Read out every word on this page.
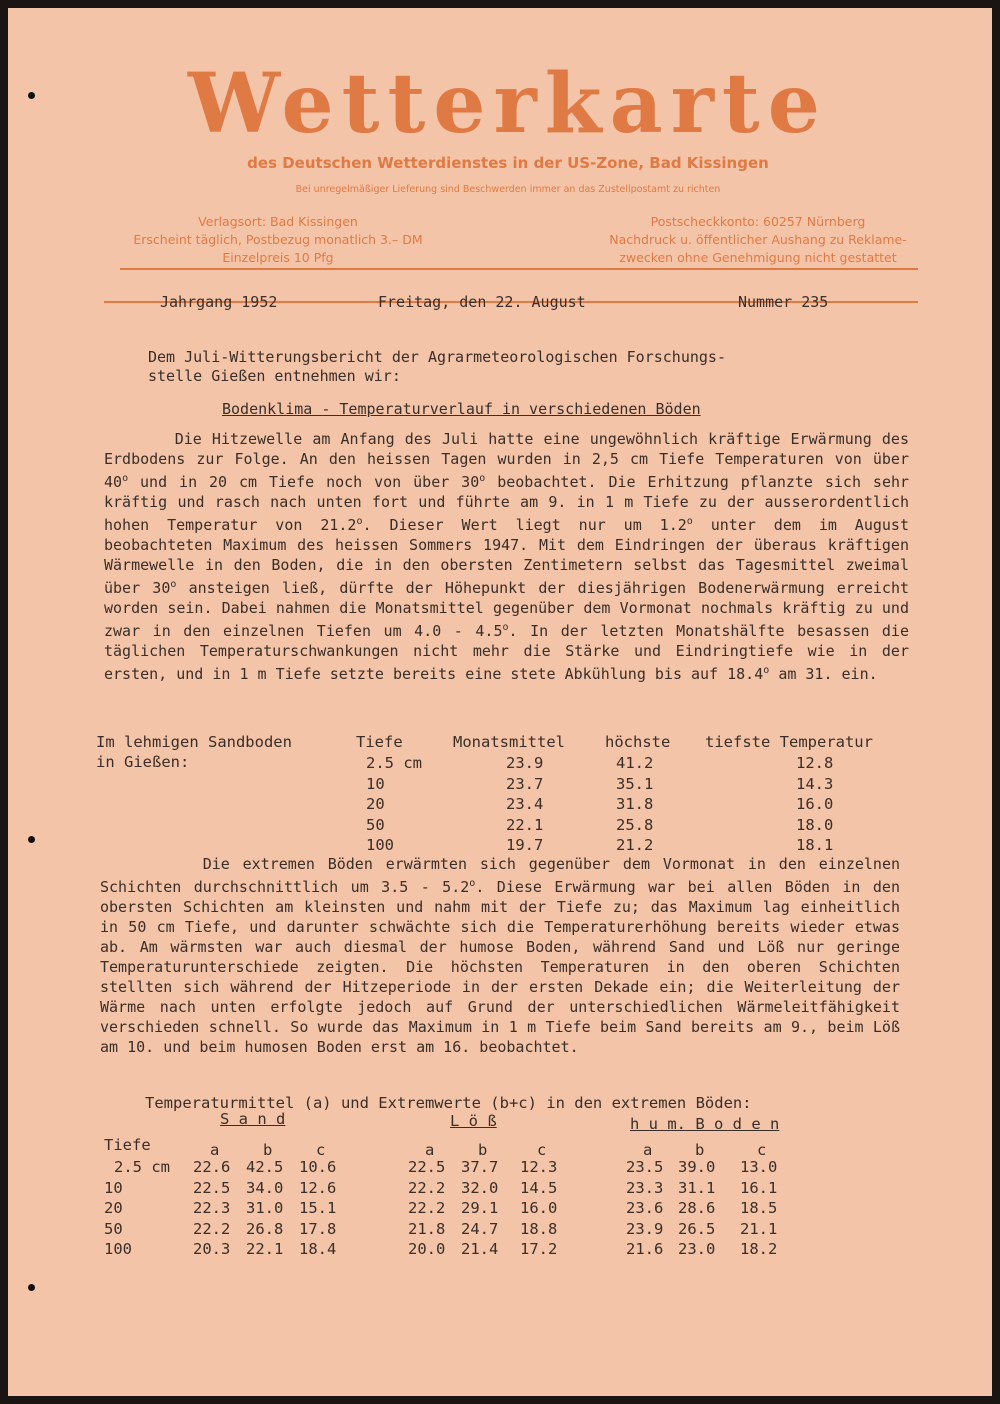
Wetterkarte
des Deutschen Wetterdienstes in der US-Zone, Bad Kissingen
Bei unregelmäßiger Lieferung sind Beschwerden immer an das Zustellpostamt zu richten
Verlagsort: Bad Kissingen
Erscheint täglich, Postbezug monatlich 3.– DM
Einzelpreis 10 Pfg
Postscheckkonto: 60257 Nürnberg
Nachdruck u. öffentlicher Aushang zu Reklame-
zwecken ohne Genehmigung nicht gestattet
Jahrgang 1952	Freitag, den 22. August	Nummer 235
Dem Juli-Witterungsbericht der Agrarmeteorologischen Forschungs-
stelle Gießen entnehmen wir:
Bodenklima - Temperaturverlauf in verschiedenen Böden
Die Hitzewelle am Anfang des Juli hatte eine ungewöhnlich kräftige Erwärmung des Erdbodens zur Folge. An den heissen Tagen wurden in 2,5 cm Tiefe Temperaturen von über 40$^o$ und in 20 cm Tiefe noch von über 30$^o$ beobachtet. Die Erhitzung pflanzte sich sehr kräftig und rasch nach unten fort und führte am 9. in 1 m Tiefe zu der ausserordentlich hohen Temperatur von 21.2$^o$. Dieser Wert liegt nur um 1.2$^o$ unter dem im August beobachteten Maximum des heissen Sommers 1947. Mit dem Eindringen der überaus kräftigen Wärmewelle in den Boden, die in den obersten Zentimetern selbst das Tagesmittel zweimal über 30$^o$ ansteigen ließ, dürfte der Höhepunkt der diesjährigen Bodenerwärmung erreicht worden sein. Dabei nahmen die Monatsmittel gegenüber dem Vormonat nochmals kräftig zu und zwar in den einzelnen Tiefen um 4.0 - 4.5$^o$. In der letzten Monatshälfte besassen die täglichen Temperaturschwankungen nicht mehr die Stärke und Eindringtiefe wie in der ersten, und in 1 m Tiefe setzte bereits eine stete Abkühlung bis auf 18.4$^o$ am 31. ein.
Im lehmigen Sandboden
in Gießen:
Tiefe	Monatsmittel	höchste tiefste Temperatur
2.5 cm	23.9	41.2	12.8
10	23.7	35.1	14.3
20	23.4	31.8	16.0
50	22.1	25.8	18.0
100	19.7	21.2	18.1
Die extremen Böden erwärmten sich gegenüber dem Vormonat in den einzelnen Schichten durchschnittlich um 3.5 - 5.2$^o$. Diese Erwärmung war bei allen Böden in den obersten Schichten am kleinsten und nahm mit der Tiefe zu; das Maximum lag einheitlich in 50 cm Tiefe, und darunter schwächte sich die Temperaturerhöhung bereits wieder etwas ab. Am wärmsten war auch diesmal der humose Boden, während Sand und Löß nur geringe Temperaturunterschiede zeigten. Die höchsten Temperaturen in den oberen Schichten stellten sich während der Hitzeperiode in der ersten Dekade ein; die Weiterleitung der Wärme nach unten erfolgte jedoch auf Grund der unterschiedlichen Wärmeleitfähigkeit verschieden schnell. So wurde das Maximum in 1 m Tiefe beim Sand bereits am 9., beim Löß am 10. und beim humosen Boden erst am 16. beobachtet.
Temperaturmittel (a) und Extremwerte (b+c) in den extremen Böden:
S a n d	L ö ß	h u m. B o d e n
Tiefe	a	b	c	a	b	c	a	b	c
2.5 cm 22.6 42.5 10.6	22.5 37.7 12.3	23.5 39.0 13.0
10	22.5 34.0 12.6	22.2 32.0 14.5	23.3 31.1 16.1
20	22.3 31.0 15.1	22.2 29.1 16.0	23.6 28.6 18.5
50	22.2 26.8 17.8	21.8 24.7 18.8	23.9 26.5 21.1
100	20.3 22.1 18.4	20.0 21.4 17.2	21.6 23.0 18.2
